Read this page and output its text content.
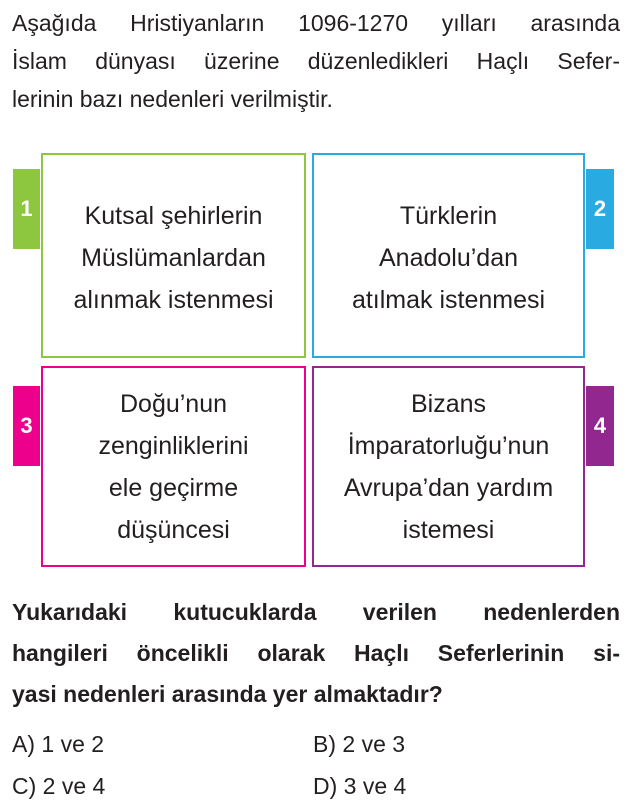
Aşağıda Hristiyanların 1096-1270 yılları arasında
İslam dünyası üzerine düzenledikleri Haçlı Sefer-
lerinin bazı nedenleri verilmiştir.
Kutsal şehirlerin
Müslümanlardan
alınmak istenmesi
Türklerin
Anadolu’dan
atılmak istenmesi
Doğu’nun
zenginliklerini
ele geçirme
düşüncesi
Bizans
İmparatorluğu’nun
Avrupa’dan yardım
istemesi
1	2
3	4
Yukarıdaki kutucuklarda verilen nedenlerden
hangileri öncelikli olarak Haçlı Seferlerinin si-
yasi nedenleri arasında yer almaktadır?
A) 1 ve 2	B) 2 ve 3
C) 2 ve 4	D) 3 ve 4
